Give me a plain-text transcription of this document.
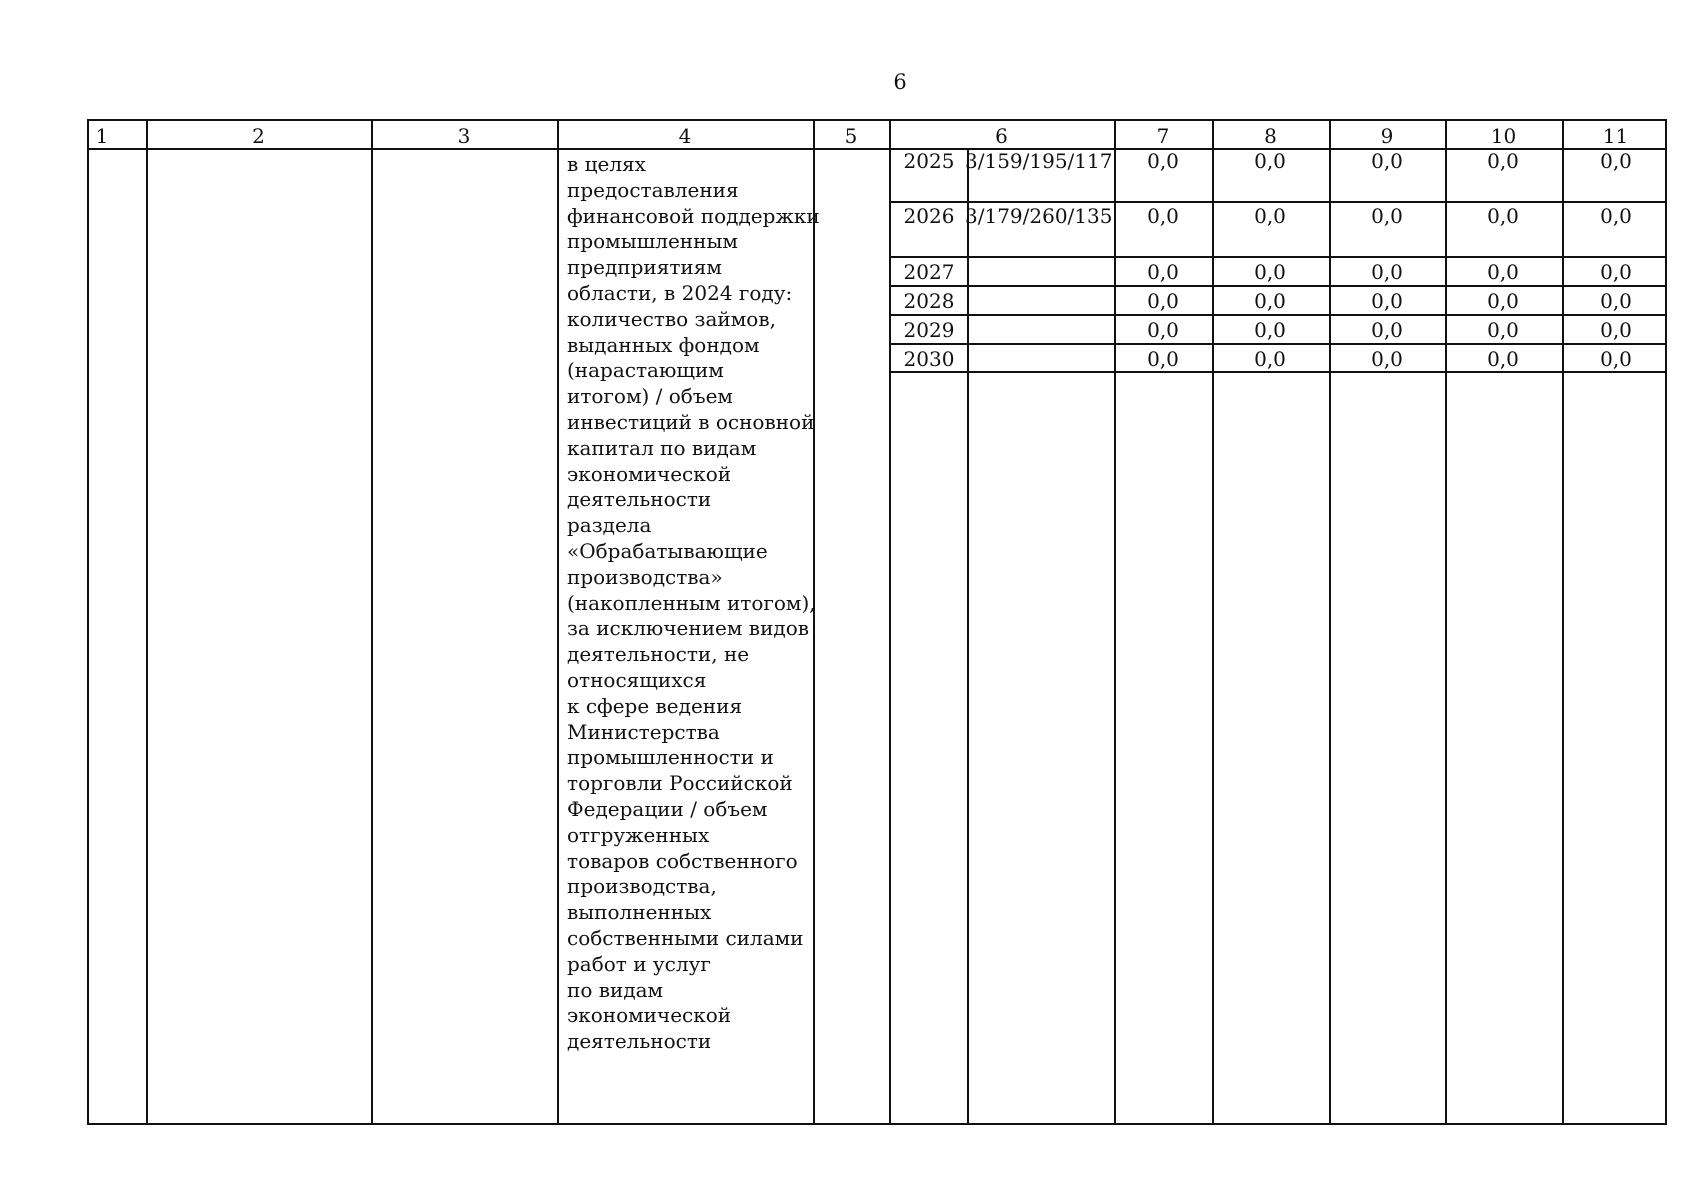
6
1	2	3	4	5	6	7	8	9	10	11
в целях предоставления
финансовой поддержки
промышленным
предприятиям
области, в 2024 году:
количество займов,
выданных фондом
(нарастающим
итогом) / объем
инвестиций в основной
капитал по видам
экономической
деятельности
раздела
«Обрабатывающие
производства»
(накопленным итогом),
за исключением видов
деятельности, не
относящихся
к сфере ведения
Министерства
промышленности и
торговли Российской
Федерации / объем
отгруженных
товаров собственного
производства,
выполненных
собственными силами
работ и услуг
по видам
экономической
деятельности
2025 3/159/195/117	0,0	0,0	0,0	0,0	0,0
2026 3/179/260/135	0,0	0,0	0,0	0,0	0,0
2027	0,0	0,0	0,0	0,0	0,0
2028	0,0	0,0	0,0	0,0	0,0
2029	0,0	0,0	0,0	0,0	0,0
2030	0,0	0,0	0,0	0,0	0,0
